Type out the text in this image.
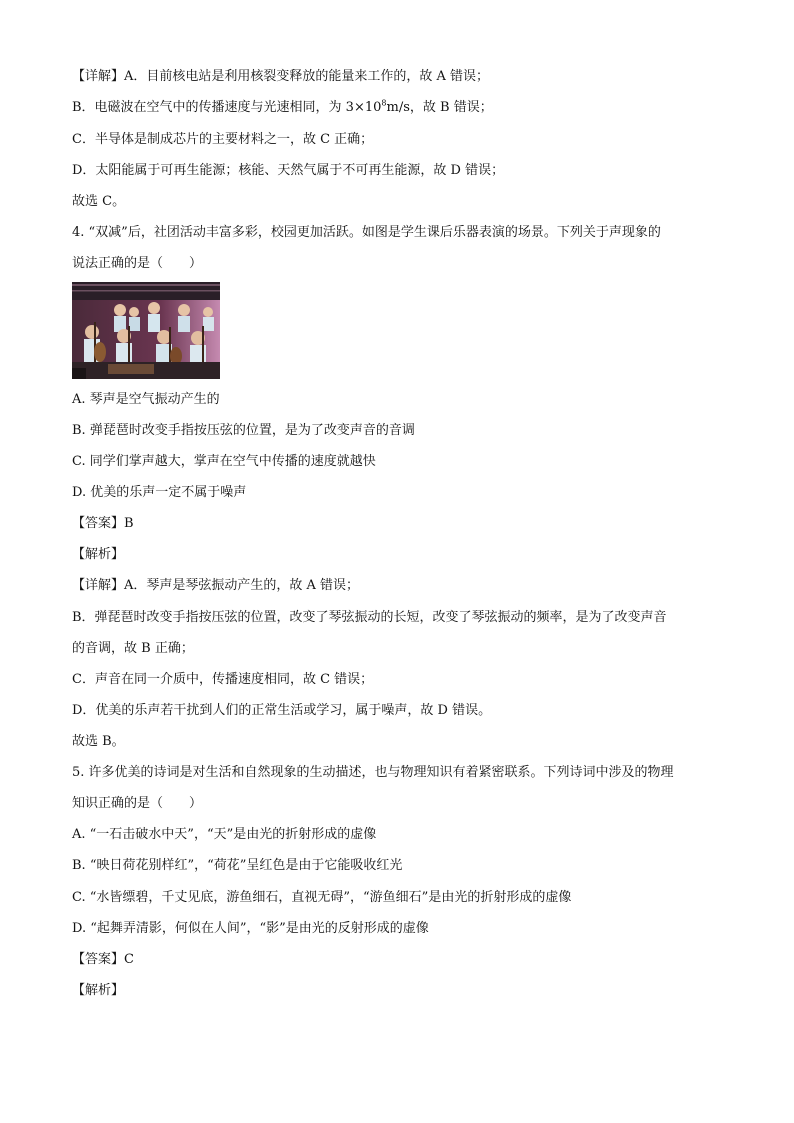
【详解】A．目前核电站是利用核裂变释放的能量来工作的，故 A 错误；
B．电磁波在空气中的传播速度与光速相同，为 $3\times 10^8m/s$，故 B 错误；
C．半导体是制成芯片的主要材料之一，故 C 正确；
D．太阳能属于可再生能源；核能、天然气属于不可再生能源，故 D 错误；
故选 C。
4. “双减”后，社团活动丰富多彩，校园更加活跃。如图是学生课后乐器表演的场景。下列关于声现象的
说法正确的是（　　）
A. 琴声是空气振动产生的
B. 弹琵琶时改变手指按压弦的位置，是为了改变声音的音调
C. 同学们掌声越大，掌声在空气中传播的速度就越快
D. 优美的乐声一定不属于噪声
【答案】B
【解析】
【详解】A．琴声是琴弦振动产生的，故 A 错误；
B．弹琵琶时改变手指按压弦的位置，改变了琴弦振动的长短，改变了琴弦振动的频率，是为了改变声音
的音调，故 B 正确；
C．声音在同一介质中，传播速度相同，故 C 错误；
D．优美的乐声若干扰到人们的正常生活或学习，属于噪声，故 D 错误。
故选 B。
5. 许多优美的诗词是对生活和自然现象的生动描述，也与物理知识有着紧密联系。下列诗词中涉及的物理
知识正确的是（　　）
A. “一石击破水中天”，“天”是由光的折射形成的虚像
B. “映日荷花别样红”，“荷花”呈红色是由于它能吸收红光
C. “水皆缥碧，千丈见底，游鱼细石，直视无碍”，“游鱼细石”是由光的折射形成的虚像
D. “起舞弄清影，何似在人间”，“影”是由光的反射形成的虚像
【答案】C
【解析】
